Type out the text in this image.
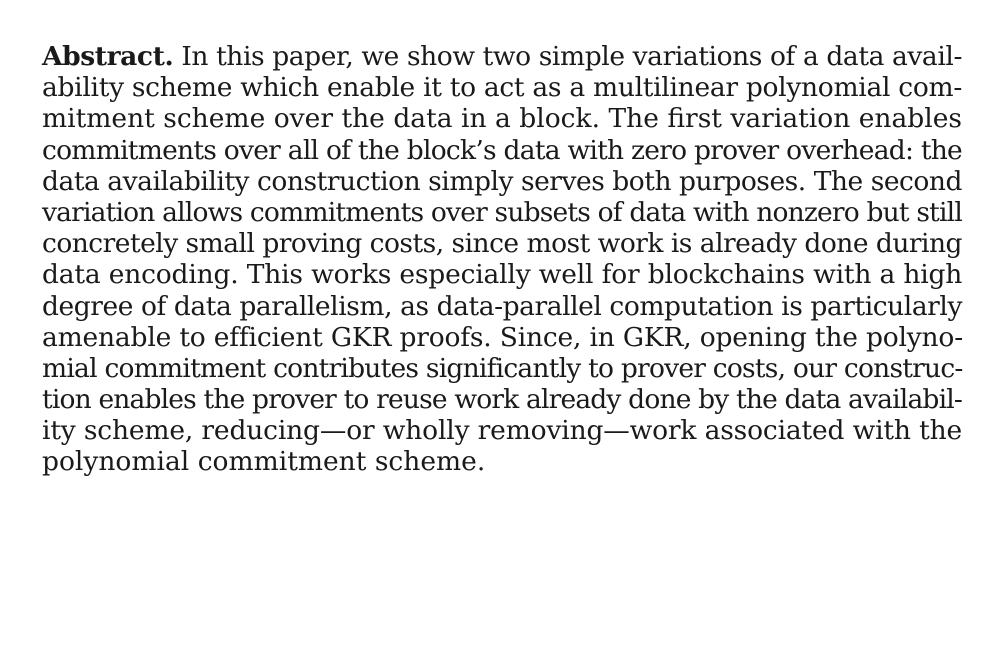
Abstract. In this paper, we show two simple variations of a data avail-
ability scheme which enable it to act as a multilinear polynomial com-
mitment scheme over the data in a block. The first variation enables
commitments over all of the block’s data with zero prover overhead: the
data availability construction simply serves both purposes. The second
variation allows commitments over subsets of data with nonzero but still
concretely small proving costs, since most work is already done during
data encoding. This works especially well for blockchains with a high
degree of data parallelism, as data-parallel computation is particularly
amenable to efficient GKR proofs. Since, in GKR, opening the polyno-
mial commitment contributes significantly to prover costs, our construc-
tion enables the prover to reuse work already done by the data availabil-
ity scheme, reducing—or wholly removing—work associated with the
polynomial commitment scheme.
